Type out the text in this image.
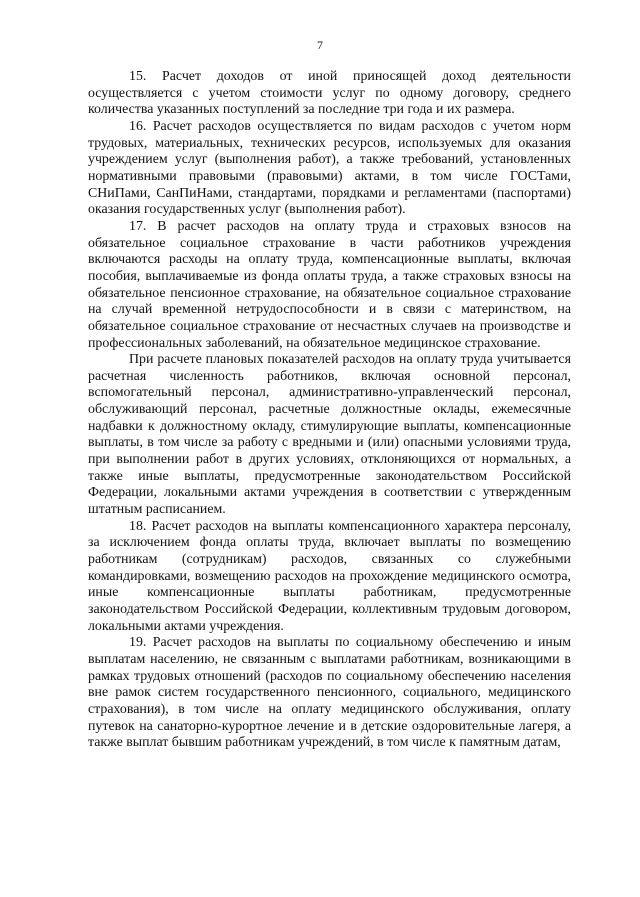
7

15. Расчет доходов от иной приносящей доход деятельности осуществляется с учетом стоимости услуг по одному договору, среднего количества указанных поступлений за последние три года и их размера.

16. Расчет расходов осуществляется по видам расходов с учетом норм трудовых, материальных, технических ресурсов, используемых для оказания учреждением услуг (выполнения работ), а также требований, установленных нормативными правовыми (правовыми) актами, в том числе ГОСТами, СНиПами, СанПиНами, стандартами, порядками и регламентами (паспортами) оказания государственных услуг (выполнения работ).

17. В расчет расходов на оплату труда и страховых взносов на обязательное социальное страхование в части работников учреждения включаются расходы на оплату труда, компенсационные выплаты, включая пособия, выплачиваемые из фонда оплаты труда, а также страховых взносы на обязательное пенсионное страхование, на обязательное социальное страхование на случай временной нетрудоспособности и в связи с материнством, на обязательное социальное страхование от несчастных случаев на производстве и профессиональных заболеваний, на обязательное медицинское страхование.

При расчете плановых показателей расходов на оплату труда учитывается расчетная численность работников, включая основной персонал, вспомогательный персонал, административно-управленческий персонал, обслуживающий персонал, расчетные должностные оклады, ежемесячные надбавки к должностному окладу, стимулирующие выплаты, компенсационные выплаты, в том числе за работу с вредными и (или) опасными условиями труда, при выполнении работ в других условиях, отклоняющихся от нормальных, а также иные выплаты, предусмотренные законодательством Российской Федерации, локальными актами учреждения в соответствии с утвержденным штатным расписанием.

18. Расчет расходов на выплаты компенсационного характера персоналу, за исключением фонда оплаты труда, включает выплаты по возмещению работникам (сотрудникам) расходов, связанных со служебными командировками, возмещению расходов на прохождение медицинского осмотра, иные компенсационные выплаты работникам, предусмотренные законодательством Российской Федерации, коллективным трудовым договором, локальными актами учреждения.

19. Расчет расходов на выплаты по социальному обеспечению и иным выплатам населению, не связанным с выплатами работникам, возникающими в рамках трудовых отношений (расходов по социальному обеспечению населения вне рамок систем государственного пенсионного, социального, медицинского страхования), в том числе на оплату медицинского обслуживания, оплату путевок на санаторно-курортное лечение и в детские оздоровительные лагеря, а также выплат бывшим работникам учреждений, в том числе к памятным датам,
